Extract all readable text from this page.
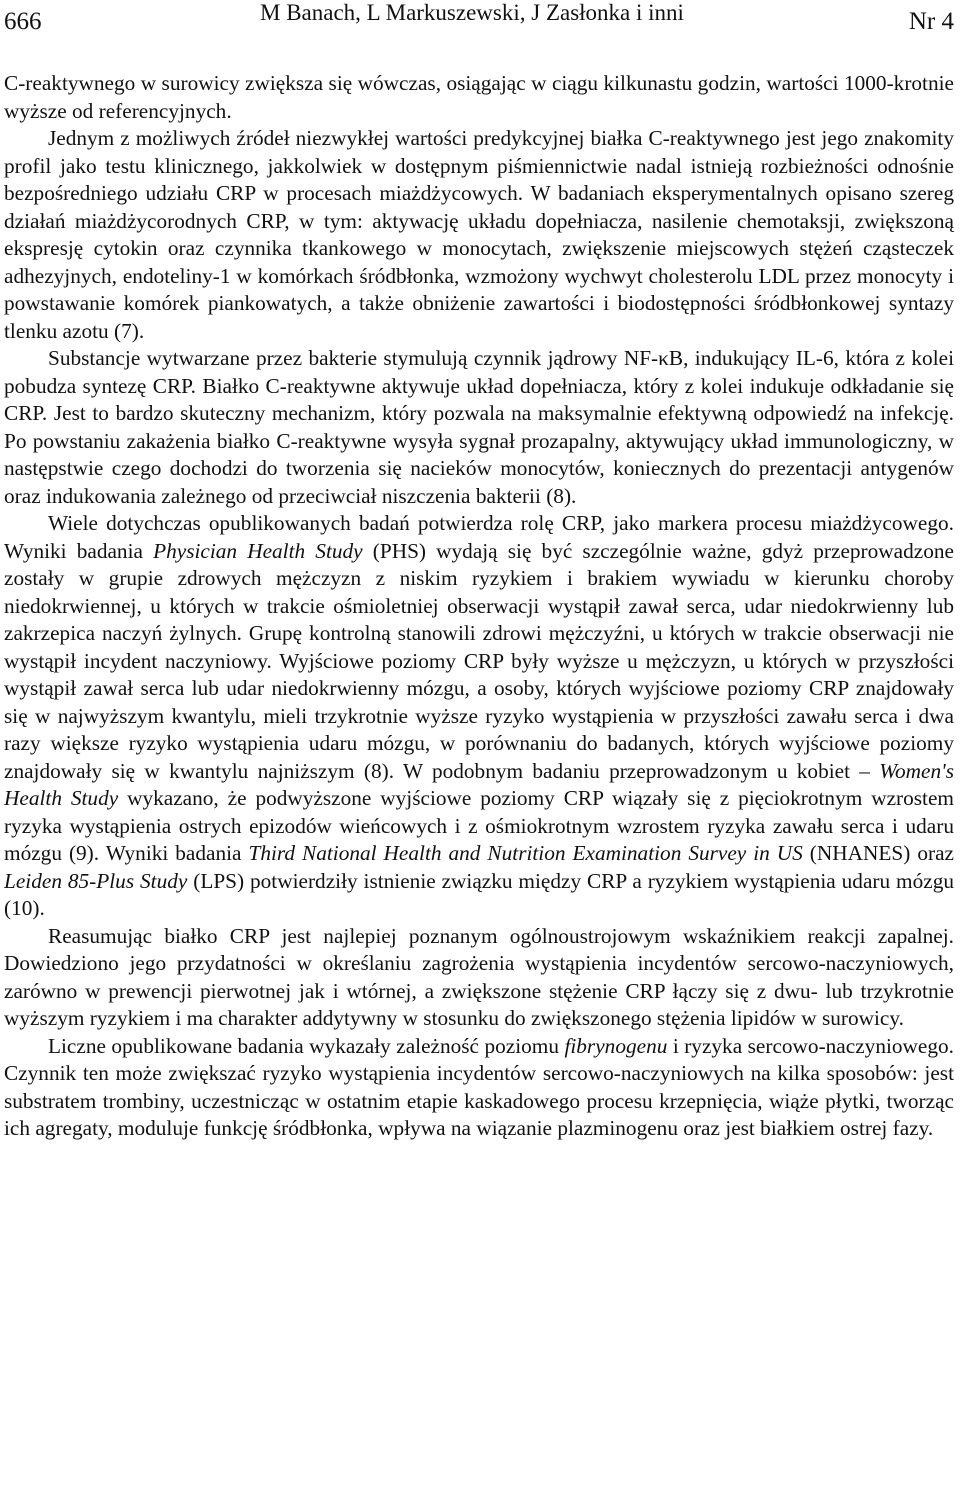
666	M Banach, L Markuszewski, J Zasłonka i inni	Nr 4

C-reaktywnego w surowicy zwiększa się wówczas, osiągając w ciągu kilkunastu godzin, wartości 1000-krotnie wyższe od referencyjnych.

Jednym z możliwych źródeł niezwykłej wartości predykcyjnej białka C-reaktywnego jest jego znakomity profil jako testu klinicznego, jakkolwiek w dostępnym piśmiennictwie nadal istnieją rozbieżności odnośnie bezpośredniego udziału CRP w procesach miażdżycowych. W badaniach eksperymentalnych opisano szereg działań miażdżycorodnych CRP, w tym: aktywację układu dopełniacza, nasilenie chemotaksji, zwiększoną ekspresję cytokin oraz czynnika tkankowego w monocytach, zwiększenie miejscowych stężeń cząsteczek adhezyjnych, endoteliny-1 w komórkach śródbłonka, wzmożony wychwyt cholesterolu LDL przez monocyty i powstawanie komórek piankowatych, a także obniżenie zawartości i biodostępności śródbłonkowej syntazy tlenku azotu (7).

Substancje wytwarzane przez bakterie stymulują czynnik jądrowy NF-κB, indukujący IL-6, która z kolei pobudza syntezę CRP. Białko C-reaktywne aktywuje układ dopełniacza, który z kolei indukuje odkładanie się CRP. Jest to bardzo skuteczny mechanizm, który pozwala na maksymalnie efektywną odpowiedź na infekcję. Po powstaniu zakażenia białko C-reaktywne wysyła sygnał prozapalny, aktywujący układ immunologiczny, w następstwie czego dochodzi do tworzenia się nacieków monocytów, koniecznych do prezentacji antygenów oraz indukowania zależnego od przeciwciał niszczenia bakterii (8).

Wiele dotychczas opublikowanych badań potwierdza rolę CRP, jako markera procesu miażdżycowego. Wyniki badania Physician Health Study (PHS) wydają się być szczególnie ważne, gdyż przeprowadzone zostały w grupie zdrowych mężczyzn z niskim ryzykiem i brakiem wywiadu w kierunku choroby niedokrwiennej, u których w trakcie ośmioletniej obserwacji wystąpił zawał serca, udar niedokrwienny lub zakrzepica naczyń żylnych. Grupę kontrolną stanowili zdrowi mężczyźni, u których w trakcie obserwacji nie wystąpił incydent naczyniowy. Wyjściowe poziomy CRP były wyższe u mężczyzn, u których w przyszłości wystąpił zawał serca lub udar niedokrwienny mózgu, a osoby, których wyjściowe poziomy CRP znajdowały się w najwyższym kwantylu, mieli trzykrotnie wyższe ryzyko wystąpienia w przyszłości zawału serca i dwa razy większe ryzyko wystąpienia udaru mózgu, w porównaniu do badanych, których wyjściowe poziomy znajdowały się w kwantylu najniższym (8). W podobnym badaniu przeprowadzonym u kobiet – Women's Health Study wykazano, że podwyższone wyjściowe poziomy CRP wiązały się z pięciokrotnym wzrostem ryzyka wystąpienia ostrych epizodów wieńcowych i z ośmiokrotnym wzrostem ryzyka zawału serca i udaru mózgu (9). Wyniki badania Third National Health and Nutrition Examination Survey in US (NHANES) oraz Leiden 85-Plus Study (LPS) potwierdziły istnienie związku między CRP a ryzykiem wystąpienia udaru mózgu (10).

Reasumując białko CRP jest najlepiej poznanym ogólnoustrojowym wskaźnikiem reakcji zapalnej. Dowiedziono jego przydatności w określaniu zagrożenia wystąpienia incydentów sercowo-naczyniowych, zarówno w prewencji pierwotnej jak i wtórnej, a zwiększone stężenie CRP łączy się z dwu- lub trzykrotnie wyższym ryzykiem i ma charakter addytywny w stosunku do zwiększonego stężenia lipidów w surowicy.

Liczne opublikowane badania wykazały zależność poziomu fibrynogenu i ryzyka sercowo-naczyniowego. Czynnik ten może zwiększać ryzyko wystąpienia incydentów sercowo-naczyniowych na kilka sposobów: jest substratem trombiny, uczestnicząc w ostatnim etapie kaskadowego procesu krzepnięcia, wiąże płytki, tworząc ich agregaty, moduluje funkcję śródbłonka, wpływa na wiązanie plazminogenu oraz jest białkiem ostrej fazy.
